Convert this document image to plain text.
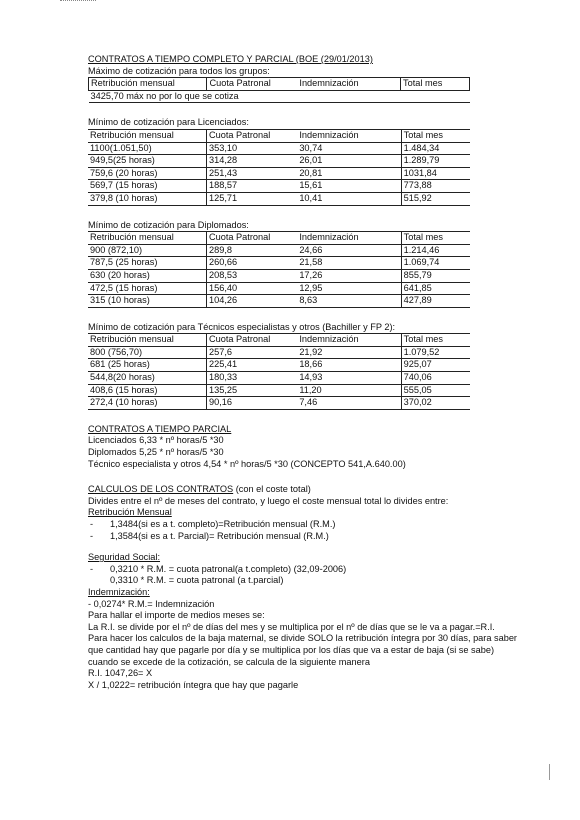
CONTRATOS A TIEMPO COMPLETO Y PARCIAL (BOE (29/01/2013)

Máximo de cotización para todos los grupos:

Retribución mensual	Cuota Patronal	Indemnización	Total mes
3425,70 máx no por lo que se cotiza

Mínimo de cotización para Licenciados:

Retribución mensual	Cuota Patronal	Indemnización	Total mes
1100(1.051,50)	353,10	30,74	1.484,34
949,5(25 horas)	314,28	26,01	1.289,79
759,6 (20 horas)	251,43	20,81	1031,84
569,7 (15 horas)	188,57	15,61	773,88
379,8 (10 horas)	125,71	10,41	515,92

Mínimo de cotización para Diplomados:

Retribución mensual	Cuota Patronal	Indemnización	Total mes
900 (872,10)	289,8	24,66	1.214,46
787,5 (25 horas)	260,66	21,58	1.069,74
630 (20 horas)	208,53	17,26	855,79
472,5 (15 horas)	156,40	12,95	641,85
315 (10 horas)	104,26	8,63	427,89

Mínimo de cotización para Técnicos especialistas y otros (Bachiller y FP 2):

Retribución mensual	Cuota Patronal	Indemnización	Total mes
800 (756,70)	257,6	21,92	1.079,52
681 (25 horas)	225,41	18,66	925,07
544,8(20 horas)	180,33	14,93	740,06
408,6 (15 horas)	135,25	11,20	555,05
272,4 (10 horas)	90,16	7,46	370,02

CONTRATOS A TIEMPO PARCIAL

Licenciados 6,33 * nº horas/5 *30

Diplomados 5,25 * nº horas/5 *30

Técnico especialista y otros 4,54 * nº horas/5 *30 (CONCEPTO 541,A.640.00)

CALCULOS DE LOS CONTRATOS (con el coste total)

Divides entre el nº de meses del contrato, y luego el coste mensual total lo divides entre:

Retribución Mensual

- 1,3484(si es a t. completo)=Retribución mensual (R.M.)

- 1,3584(si es a t. Parcial)= Retribución mensual (R.M.)

Seguridad Social:

- 0,3210 * R.M. = cuota patronal(a t.completo) (32,09-2006)

0,3310 * R.M. = cuota patronal (a t.parcial)

Indemnización:

- 0,0274* R.M.= Indemnización

Para hallar el importe de medios meses se:

La R.I. se divide por el nº de días del mes y se multiplica por el nº de días que se le va a pagar.=R.I.

Para hacer los calculos de la baja maternal, se divide SOLO la retribución íntegra por 30 días, para saber

que cantidad hay que pagarle por día y se multiplica por los días que va a estar de baja (si se sabe)

cuando se excede de la cotización, se calcula de la siguiente manera

R.I. 1047,26= X

X / 1,0222= retribución íntegra que hay que pagarle
